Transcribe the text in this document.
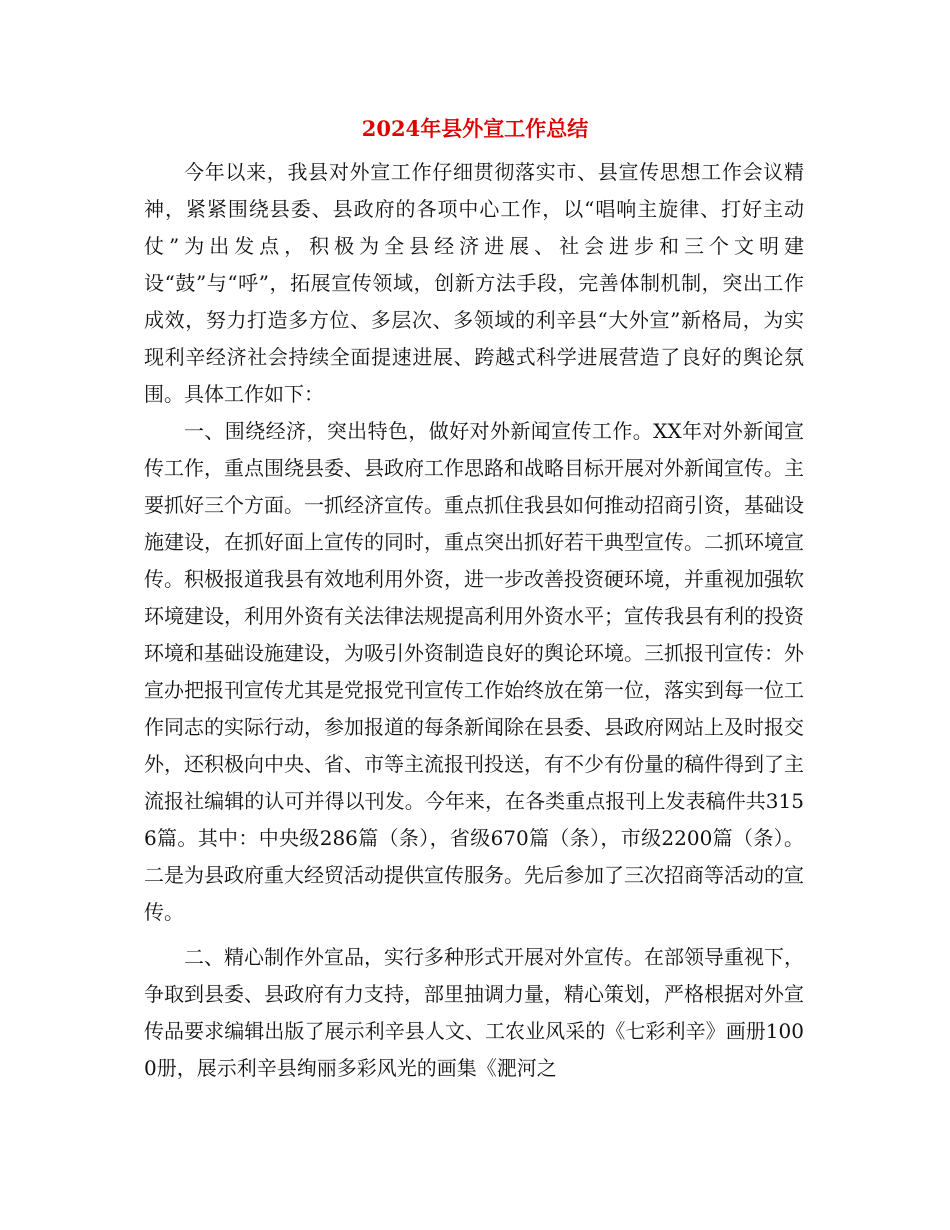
2024年县外宣工作总结

今年以来，我县对外宣工作仔细贯彻落实市、县宣传思想工作会议精神，紧紧围绕县委、县政府的各项中心工作，以“唱响主旋律、打好主动仗”为出发点，积极为全县经济进展、社会进步和三个文明建设“鼓”与“呼”，拓展宣传领域，创新方法手段，完善体制机制，突出工作成效，努力打造多方位、多层次、多领域的利辛县“大外宣”新格局，为实现利辛经济社会持续全面提速进展、跨越式科学进展营造了良好的舆论氛围。具体工作如下：

一、围绕经济，突出特色，做好对外新闻宣传工作。XX年对外新闻宣传工作，重点围绕县委、县政府工作思路和战略目标开展对外新闻宣传。主要抓好三个方面。一抓经济宣传。重点抓住我县如何推动招商引资，基础设施建设，在抓好面上宣传的同时，重点突出抓好若干典型宣传。二抓环境宣传。积极报道我县有效地利用外资，进一步改善投资硬环境，并重视加强软环境建设，利用外资有关法律法规提高利用外资水平；宣传我县有利的投资环境和基础设施建设，为吸引外资制造良好的舆论环境。三抓报刊宣传：外宣办把报刊宣传尤其是党报党刊宣传工作始终放在第一位，落实到每一位工作同志的实际行动，参加报道的每条新闻除在县委、县政府网站上及时报交外，还积极向中央、省、市等主流报刊投送，有不少有份量的稿件得到了主流报社编辑的认可并得以刊发。今年来，在各类重点报刊上发表稿件共3156篇。其中：中央级286篇（条），省级670篇（条），市级2200篇（条）。二是为县政府重大经贸活动提供宣传服务。先后参加了三次招商等活动的宣传。

二、精心制作外宣品，实行多种形式开展对外宣传。在部领导重视下，争取到县委、县政府有力支持，部里抽调力量，精心策划，严格根据对外宣传品要求编辑出版了展示利辛县人文、工农业风采的《七彩利辛》画册1000册，展示利辛县绚丽多彩风光的画集《淝河之
